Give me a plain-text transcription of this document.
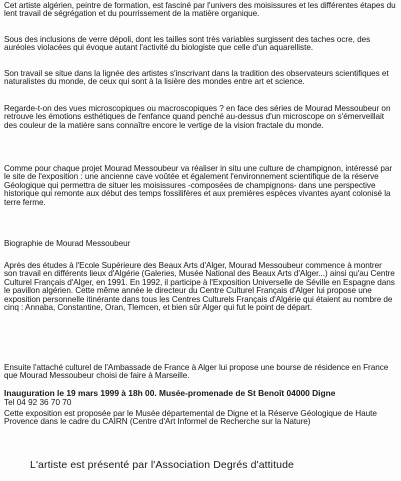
Cet artiste algérien, peintre de formation, est fasciné par l'univers des moisissures et les différentes étapes du lent travail de ségrégation et du pourrissement de la matière organique.
Sous des inclusions de verre dépoli, dont les tailles sont très variables surgissent des taches ocre, des auréoles violacées qui évoque autant l'activité du biologiste que celle d'un aquarelliste.
Son travail se situe dans la lignée des artistes s'inscrivant dans la tradition des observateurs scientifiques et naturalistes du monde, de ceux qui sont à la lisière des mondes entre art et science.
Regarde-t-on des vues microscopiques ou macroscopiques ? en face des séries de Mourad Messoubeur on retrouve les émotions esthétiques de l'enfance quand penché au-dessus d'un microscope on s'émerveillait des couleur de la matière sans connaître encore le vertige de la vision fractale du monde.
Comme pour chaque projet Mourad Messoubeur va réaliser in situ une culture de champignon, intéressé par le site de l'exposition : une ancienne cave voûtée et également l'environnement scientifique de la réserve Géologique qui permettra de situer les moisissures -composées de champignons- dans une perspective historique qui remonte aux début des temps fossilifères et aux premières espèces vivantes ayant colonisé la terre ferme.
Biographie de Mourad Messoubeur
Après des études à l'Ecole Supérieure des Beaux Arts d'Alger, Mourad Messoubeur commence à montrer son travail en différents lieux d'Algérie (Galeries, Musée National des Beaux Arts d'Alger...) ainsi qu'au Centre Culturel Français d'Alger, en 1991. En 1992, il participe à l'Exposition Universelle de Séville en Espagne dans le pavillon algérien. Cette même année le directeur du Centre Culturel Français d'Alger lui propose une exposition personnelle itinérante dans tous les Centres Culturels Français d'Algérie qui étaient au nombre de cinq : Annaba, Constantine, Oran, Tlemcen, et bien sûr Alger qui fut le point de départ.
Ensuite l'attaché culturel de l'Ambassade de France à Alger lui propose une bourse de résidence en France que Mourad Messoubeur choisi de faire à Marseille.
Inauguration le 19 mars 1999 à 18h 00. Musée-promenade de St Benoît 04000 Digne
Tel 04 92 36 70 70
Cette exposition est proposée par le Musée départemental de Digne et la Réserve Géologique de Haute Provence dans le cadre du CAIRN (Centre d'Art Informel de Recherche sur la Nature)
L'artiste est présenté par l'Association Degrés d'attitude
